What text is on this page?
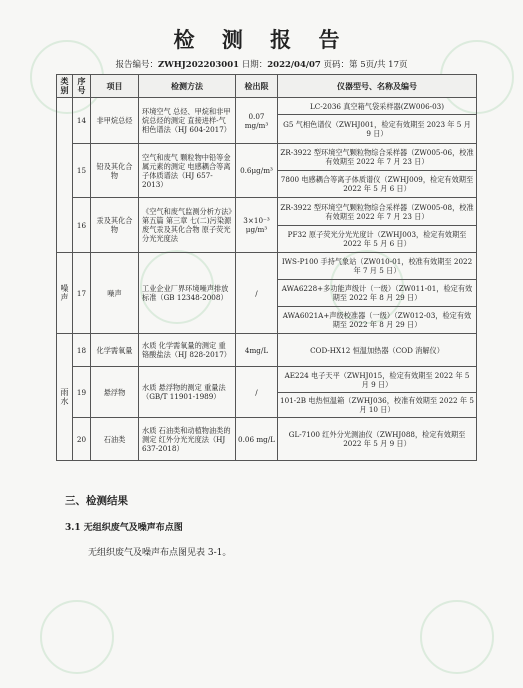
检 测 报 告
报告编号：ZWHJ202203001 日期：2022/04/07 页码：第 5页/共 17页
类别	序号	项目	检测方法	检出限	仪器型号、名称及编号
	14	非甲烷总烃	环境空气 总烃、甲烷和非甲烷总烃的测定 直接进样-气相色谱法（HJ 604-2017）	0.07 mg/m³	LC-2036 真空箱气袋采样器(ZW006-03)
					G5 气相色谱仪（ZWHJ001，检定有效期至 2023 年 5 月 9 日）
	15	铅及其化合物	空气和废气 颗粒物中铅等金属元素的测定 电感耦合等离子体质谱法（HJ 657-2013）	0.6μg/m³	ZR-3922 型环境空气颗粒物综合采样器（ZW005-06，校准有效期至 2022 年 7 月 23 日）
					7800 电感耦合等离子体质谱仪（ZWHJ009，检定有效期至 2022 年 5 月 6 日）
	16	汞及其化合物	《空气和废气监测分析方法》第五篇 第三章 七(二)污染源废气汞及其化合物 原子荧光分光光度法	3×10⁻³ μg/m³	ZR-3922 型环境空气颗粒物综合采样器（ZW005-08，校准有效期至 2022 年 7 月 23 日）
					PF32 原子荧光分光光度计（ZWHJ003，检定有效期至 2022 年 5 月 6 日）
噪声	17	噪声	工业企业厂界环境噪声排放标准（GB 12348-2008）	/	IWS-P100 手持气象站（ZW010-01，校准有效期至 2022 年 7 月 5 日）
					AWA6228+多功能声级计（一级）（ZW011-01，检定有效期至 2022 年 8 月 29 日）
					AWA6021A+声级校准器（一级）（ZW012-03，检定有效期至 2022 年 8 月 29 日）
雨水	18	化学需氧量	水质 化学需氧量的测定 重铬酸盐法（HJ 828-2017）	4mg/L	COD-HX12 恒温加热器（COD 消解仪）
	19	悬浮物	水质 悬浮物的测定 重量法（GB/T 11901-1989）	/	AE224 电子天平（ZWHJ015，检定有效期至 2022 年 5 月 9 日）
					101-2B 电热恒温箱（ZWHJ036，校准有效期至 2022 年 5 月 10 日）
	20	石油类	水质 石油类和动植物油类的测定 红外分光光度法（HJ 637-2018）	0.06 mg/L	GL-7100 红外分光测油仪（ZWHJ088，检定有效期至 2022 年 5 月 9 日）
三、检测结果
3.1 无组织废气及噪声布点图
无组织废气及噪声布点图见表 3-1。
